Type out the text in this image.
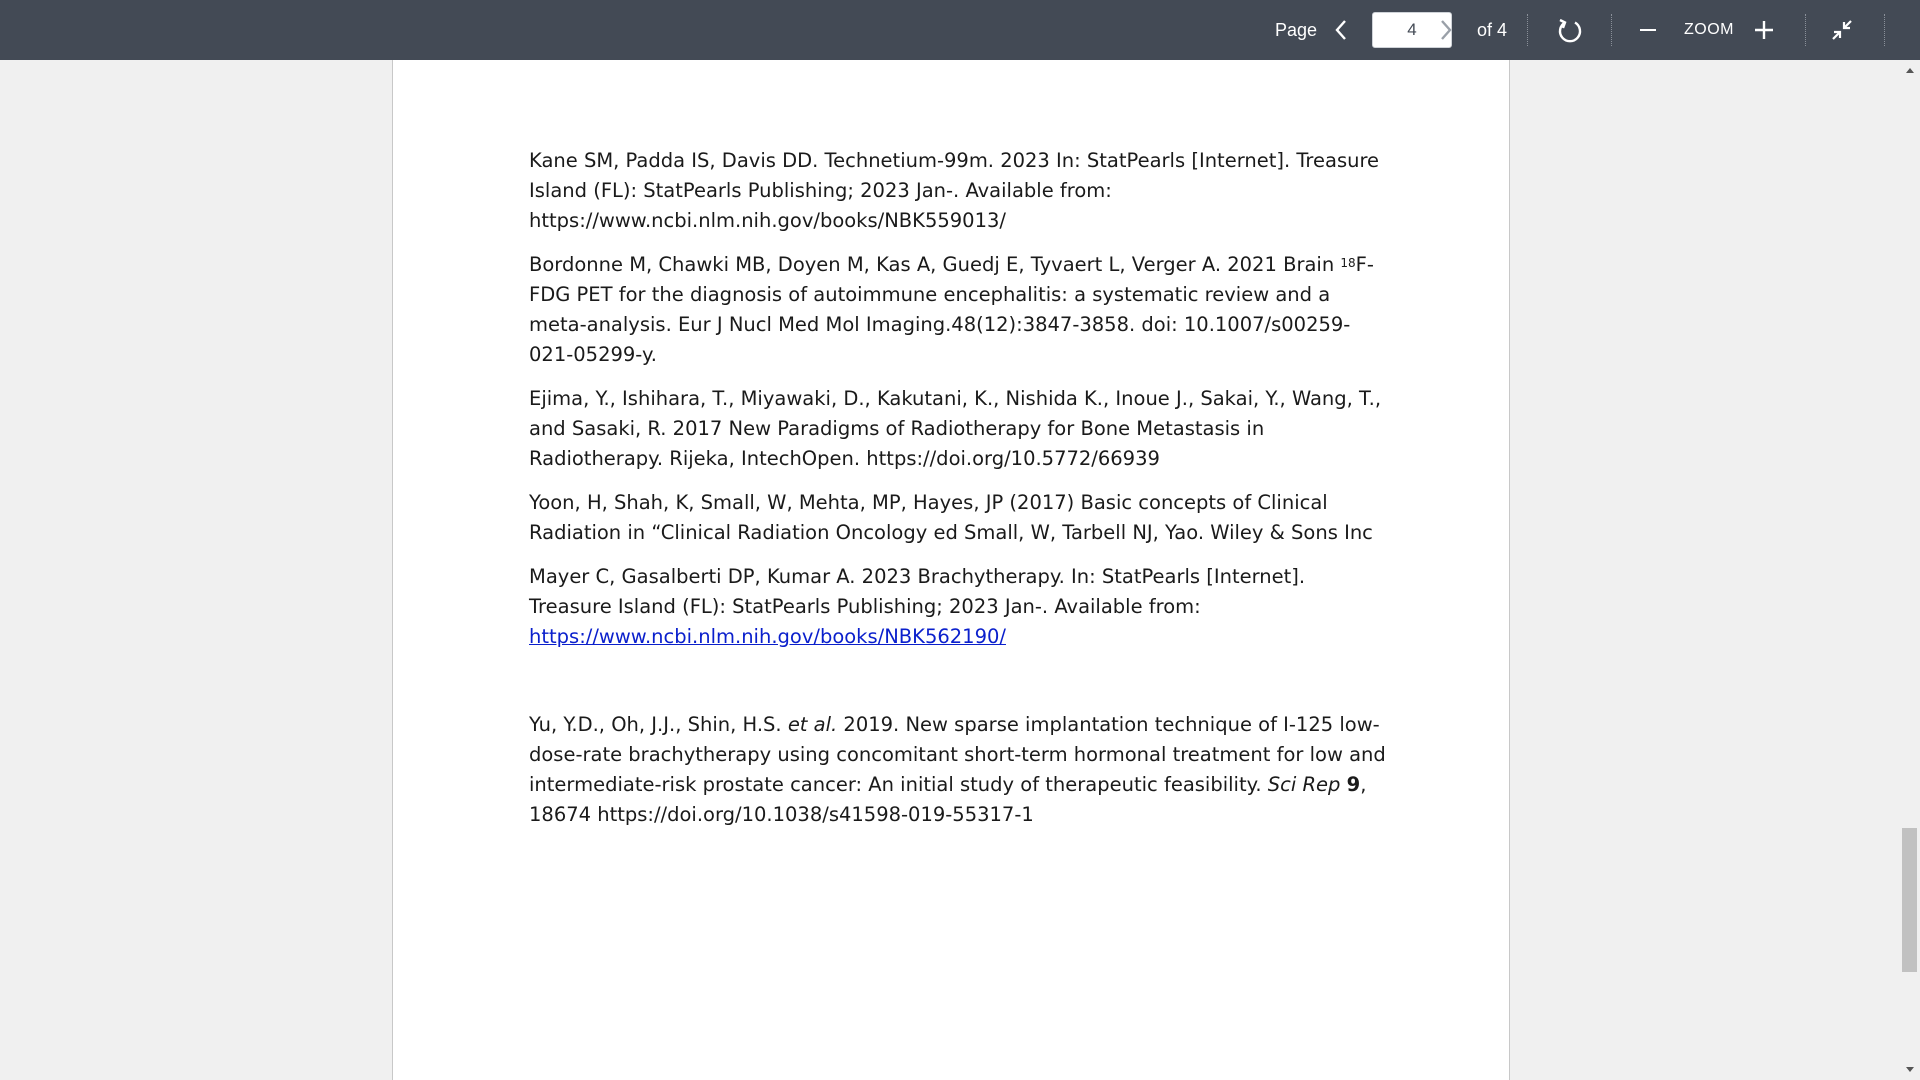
Page
4	of 4	ZOOM

Kane SM, Padda IS, Davis DD. Technetium-99m. 2023 In: StatPearls [Internet]. Treasure Island (FL): StatPearls Publishing; 2023 Jan-. Available from: https://www.ncbi.nlm.nih.gov/books/NBK559013/

Bordonne M, Chawki MB, Doyen M, Kas A, Guedj E, Tyvaert L, Verger A. 2021 Brain $^{18}$F-FDG PET for the diagnosis of autoimmune encephalitis: a systematic review and a meta-analysis. Eur J Nucl Med Mol Imaging.48(12):3847-3858. doi: 10.1007/s00259-021-05299-y.

Ejima, Y., Ishihara, T., Miyawaki, D., Kakutani, K., Nishida K., Inoue J., Sakai, Y., Wang, T., and Sasaki, R. 2017 New Paradigms of Radiotherapy for Bone Metastasis in Radiotherapy. Rijeka, IntechOpen. https://doi.org/10.5772/66939

Yoon, H, Shah, K, Small, W, Mehta, MP, Hayes, JP (2017) Basic concepts of Clinical Radiation in “Clinical Radiation Oncology ed Small, W, Tarbell NJ, Yao. Wiley & Sons Inc

Mayer C, Gasalberti DP, Kumar A. 2023 Brachytherapy. In: StatPearls [Internet]. Treasure Island (FL): StatPearls Publishing; 2023 Jan-. Available from: https://www.ncbi.nlm.nih.gov/books/NBK562190/

Yu, Y.D., Oh, J.J., Shin, H.S. et al. 2019. New sparse implantation technique of I-125 low-dose-rate brachytherapy using concomitant short-term hormonal treatment for low and intermediate-risk prostate cancer: An initial study of therapeutic feasibility. Sci Rep 9, 18674 https://doi.org/10.1038/s41598-019-55317-1
